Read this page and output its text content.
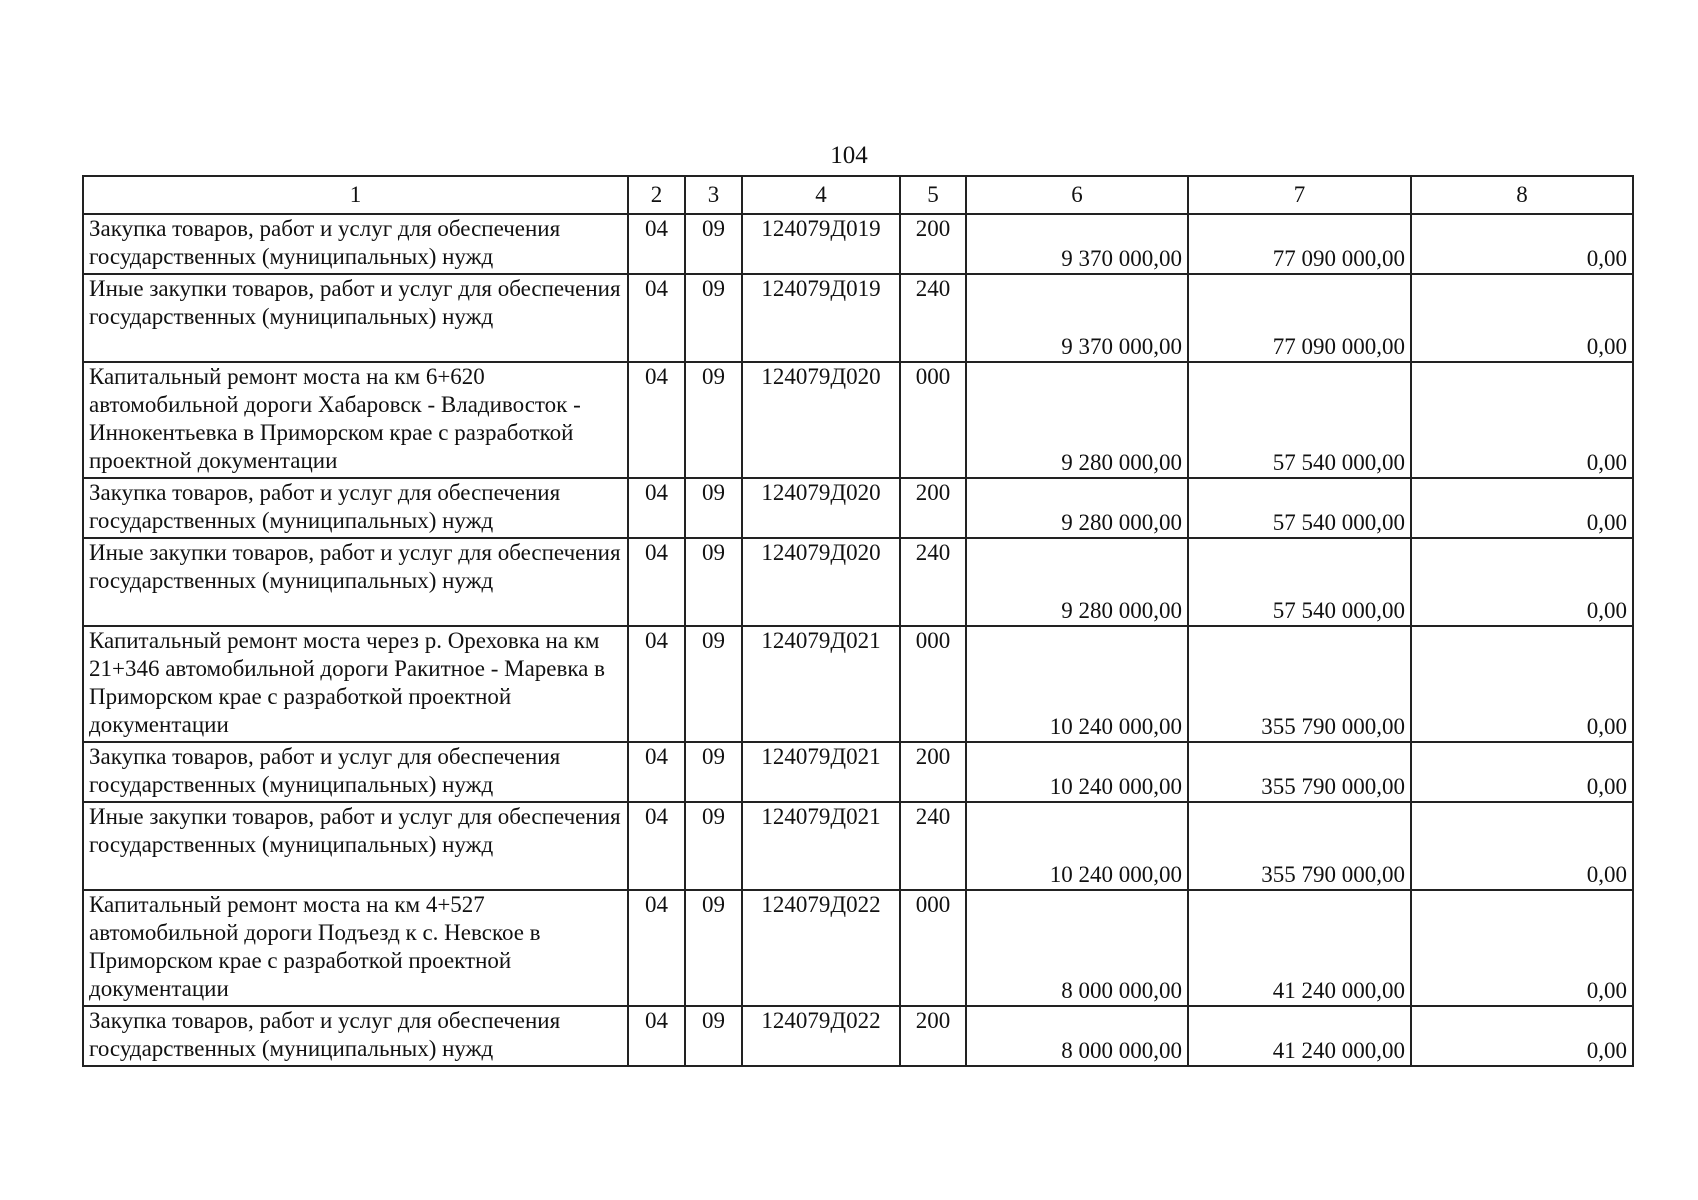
104
1	2	3	4	5	6	7	8
Закупка товаров, работ и услуг для обеспечения государственных (муниципальных) нужд	04	09	124079Д019	200	9 370 000,00	77 090 000,00	0,00
Иные закупки товаров, работ и услуг для обеспечения государственных (муниципальных) нужд	04	09	124079Д019	240	9 370 000,00	77 090 000,00	0,00
Капитальный ремонт моста на км 6+620 автомобильной дороги Хабаровск - Владивосток - Иннокентьевка в Приморском крае с разработкой проектной документации	04	09	124079Д020	000	9 280 000,00	57 540 000,00	0,00
Закупка товаров, работ и услуг для обеспечения государственных (муниципальных) нужд	04	09	124079Д020	200	9 280 000,00	57 540 000,00	0,00
Иные закупки товаров, работ и услуг для обеспечения государственных (муниципальных) нужд	04	09	124079Д020	240	9 280 000,00	57 540 000,00	0,00
Капитальный ремонт моста через р. Ореховка на км 21+346 автомобильной дороги Ракитное - Маревка в Приморском крае с разработкой проектной документации	04	09	124079Д021	000	10 240 000,00	355 790 000,00	0,00
Закупка товаров, работ и услуг для обеспечения государственных (муниципальных) нужд	04	09	124079Д021	200	10 240 000,00	355 790 000,00	0,00
Иные закупки товаров, работ и услуг для обеспечения государственных (муниципальных) нужд	04	09	124079Д021	240	10 240 000,00	355 790 000,00	0,00
Капитальный ремонт моста на км 4+527 автомобильной дороги Подъезд к с. Невское в Приморском крае с разработкой проектной документации	04	09	124079Д022	000	8 000 000,00	41 240 000,00	0,00
Закупка товаров, работ и услуг для обеспечения государственных (муниципальных) нужд	04	09	124079Д022	200	8 000 000,00	41 240 000,00	0,00
